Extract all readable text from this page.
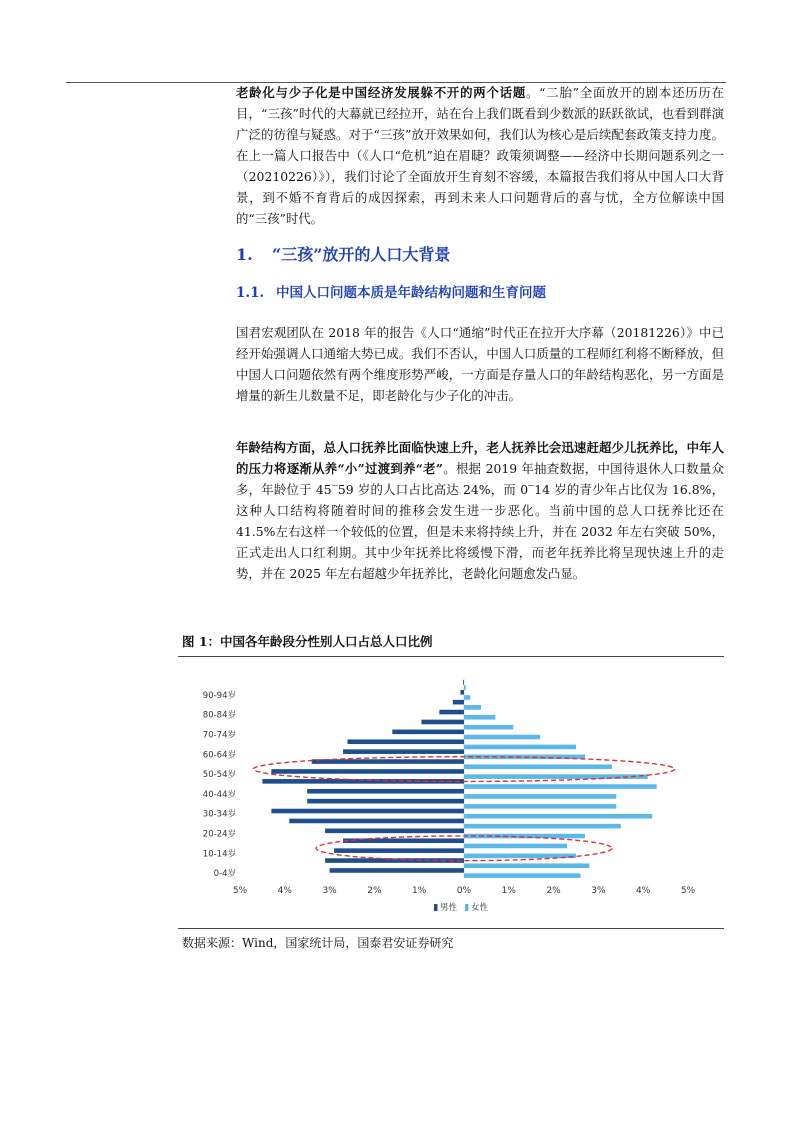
老龄化与少子化是中国经济发展躲不开的两个话题。“二胎”全面放开的剧本还历历在目，“三孩”时代的大幕就已经拉开，站在台上我们既看到少数派的跃跃欲试，也看到群演广泛的彷徨与疑惑。对于“三孩”放开效果如何，我们认为核心是后续配套政策支持力度。在上一篇人口报告中（《人口“危机”迫在眉睫？政策须调整——经济中长期问题系列之一（20210226）》），我们讨论了全面放开生育刻不容缓，本篇报告我们将从中国人口大背景，到不婚不育背后的成因探索，再到未来人口问题背后的喜与忧，全方位解读中国的“三孩”时代。

1. “三孩”放开的人口大背景
1.1. 中国人口问题本质是年龄结构问题和生育问题

国君宏观团队在 2018 年的报告《人口“通缩”时代正在拉开大序幕（20181226）》中已经开始强调人口通缩大势已成。我们不否认，中国人口质量的工程师红利将不断释放，但中国人口问题依然有两个维度形势严峻，一方面是存量人口的年龄结构恶化，另一方面是增量的新生儿数量不足，即老龄化与少子化的冲击。

年龄结构方面，总人口抚养比面临快速上升，老人抚养比会迅速赶超少儿抚养比，中年人的压力将逐渐从养“小”过渡到养“老”。根据 2019 年抽查数据，中国待退休人口数量众多，年龄位于 45‾59 岁的人口占比高达 24%，而 0‾14 岁的青少年占比仅为 16.8%，这种人口结构将随着时间的推移会发生进一步恶化。当前中国的总人口抚养比还在 41.5%左右这样一个较低的位置，但是未来将持续上升，并在 2032 年左右突破 50%，正式走出人口红利期。其中少年抚养比将缓慢下滑，而老年抚养比将呈现快速上升的走势，并在 2025 年左右超越少年抚养比，老龄化问题愈发凸显。

图 1：中国各年龄段分性别人口占总人口比例

0-4岁
10-14岁
20-24岁
30-34岁
40-44岁
50-54岁
60-64岁
70-74岁
80-84岁
90-94岁
5%	4%	3%	2%	1%	0%	1%	2%	3%	4%	5%
男性 女性

数据来源：Wind，国家统计局，国泰君安证券研究
